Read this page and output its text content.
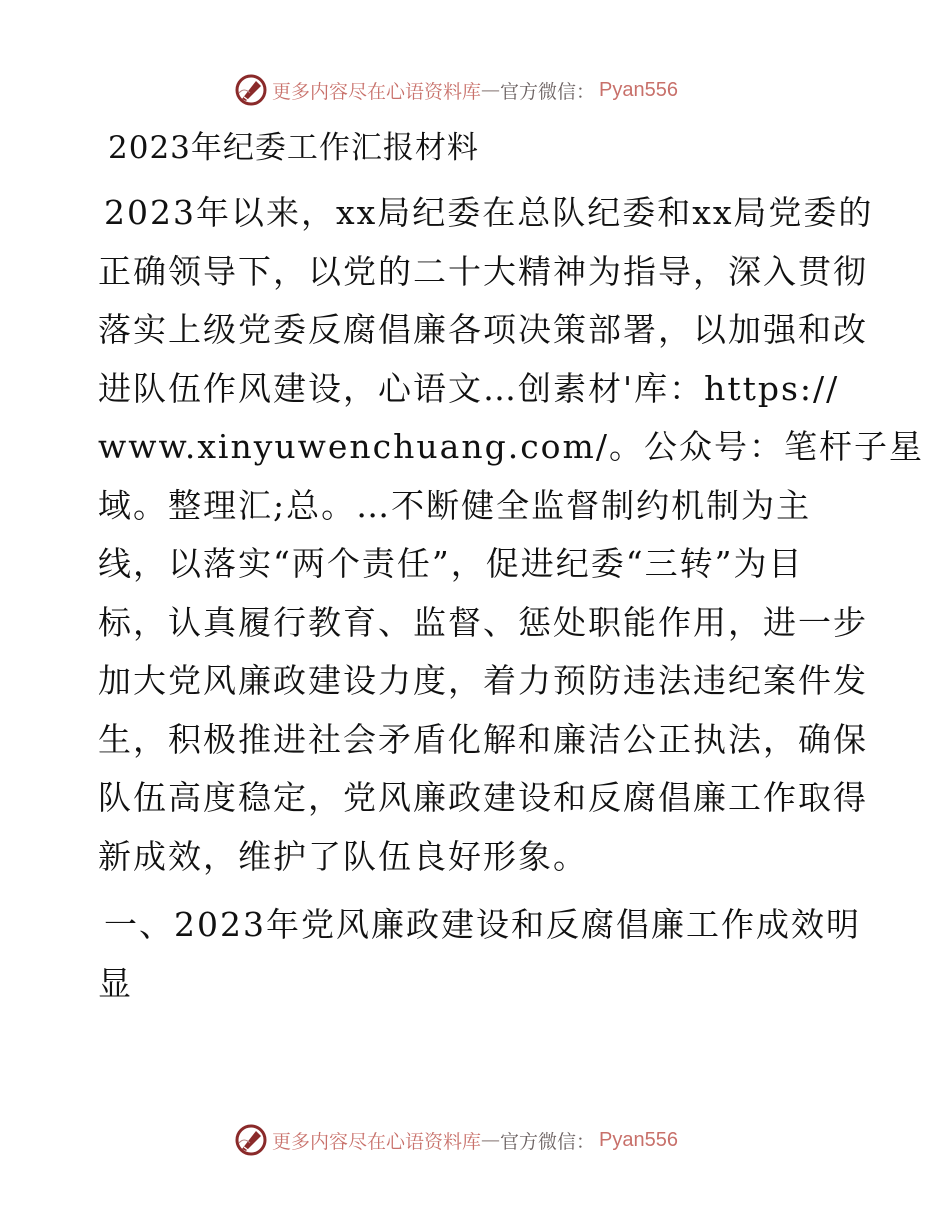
更多内容尽在心语资料库 — 官方微信： Pyan556
2023年纪委工作汇报材料

2023年以来，xx局纪委在总队纪委和xx局党委的
正确领导下，以党的二十大精神为指导，深入贯彻
落实上级党委反腐倡廉各项决策部署，以加强和改
进队伍作风建设，心语文…创素材'库：https://
www.xinyuwenchuang.com/。公众号：笔杆子星
域。整理汇;总。…不断健全监督制约机制为主
线，以落实“两个责任”，促进纪委“三转”为目
标，认真履行教育、监督、惩处职能作用，进一步
加大党风廉政建设力度，着力预防违法违纪案件发
生，积极推进社会矛盾化解和廉洁公正执法，确保
队伍高度稳定，党风廉政建设和反腐倡廉工作取得
新成效，维护了队伍良好形象。

一、2023年党风廉政建设和反腐倡廉工作成效明
显
更多内容尽在心语资料库 — 官方微信： Pyan556
